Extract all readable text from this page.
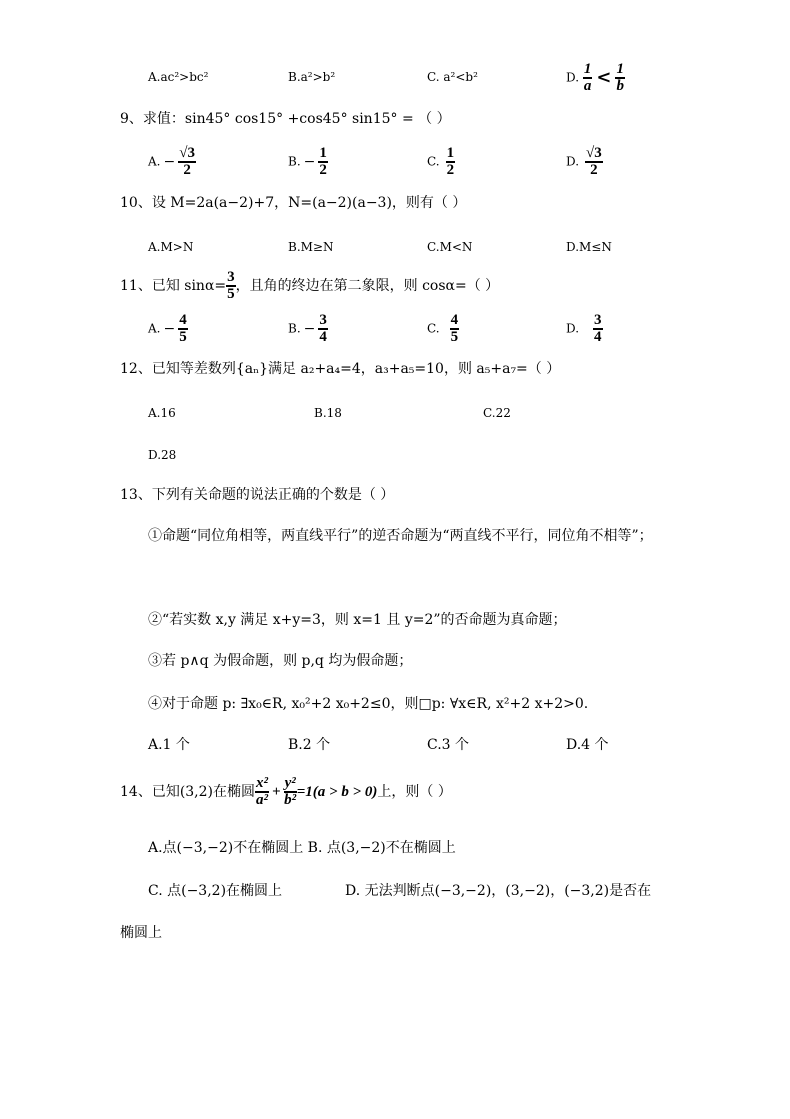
A.ac²>bc²	B.a²>b²	C. a²<b²	D. $\frac{1}{a} < \frac{1}{b}$
9、求值：sin45° cos15° +cos45° sin15° = （ ）
A. − $\frac{√3}{2}$	B. − $\frac{1}{2}$	C. $\frac{1}{2}$	D. $\frac{√3}{2}$
10、设 M=2a(a−2)+7，N=(a−2)(a−3)，则有（ ）
A.M>N	B.M≥N	C.M<N	D.M≤N
11、已知 $\sin\alpha= \frac{3}{5}$ ，且角的终边在第二象限，则 cosα=（ ）
A. − $\frac{4}{5}$	B. − $\frac{3}{4}$	C. $\frac{4}{5}$	D. $\frac{3}{4}$
12、已知等差数列{aₙ}满足 a₂+a₄=4，a₃+a₅=10，则 a₅+a₇=（ ）
A.16	B.18	C.22
D.28
13、下列有关命题的说法正确的个数是（ ）
①命题“同位角相等，两直线平行”的逆否命题为“两直线不平行，同位角不相等”；
②“若实数 x,y 满足 x+y=3，则 x=1 且 y=2”的否命题为真命题；
③若 p∧q 为假命题，则 p,q 均为假命题；
④对于命题 p: ∃x₀∈R, x₀²+2 x₀+2≤0，则□p: ∀x∈R, x²+2 x+2>0.
A.1 个	B.2 个	C.3 个	D.4 个
14、已知(3,2)在椭圆 $\frac{\text{x²}}{\text{a²}} + \frac{\text{y²}}{\text{b²}} =1(a > b > 0)$上，则（ ）
A.点(−3,−2)不在椭圆上 B. 点(3,−2)不在椭圆上
C. 点(−3,2)在椭圆上	D. 无法判断点(−3,−2)，(3,−2)，(−3,2)是否在
椭圆上
